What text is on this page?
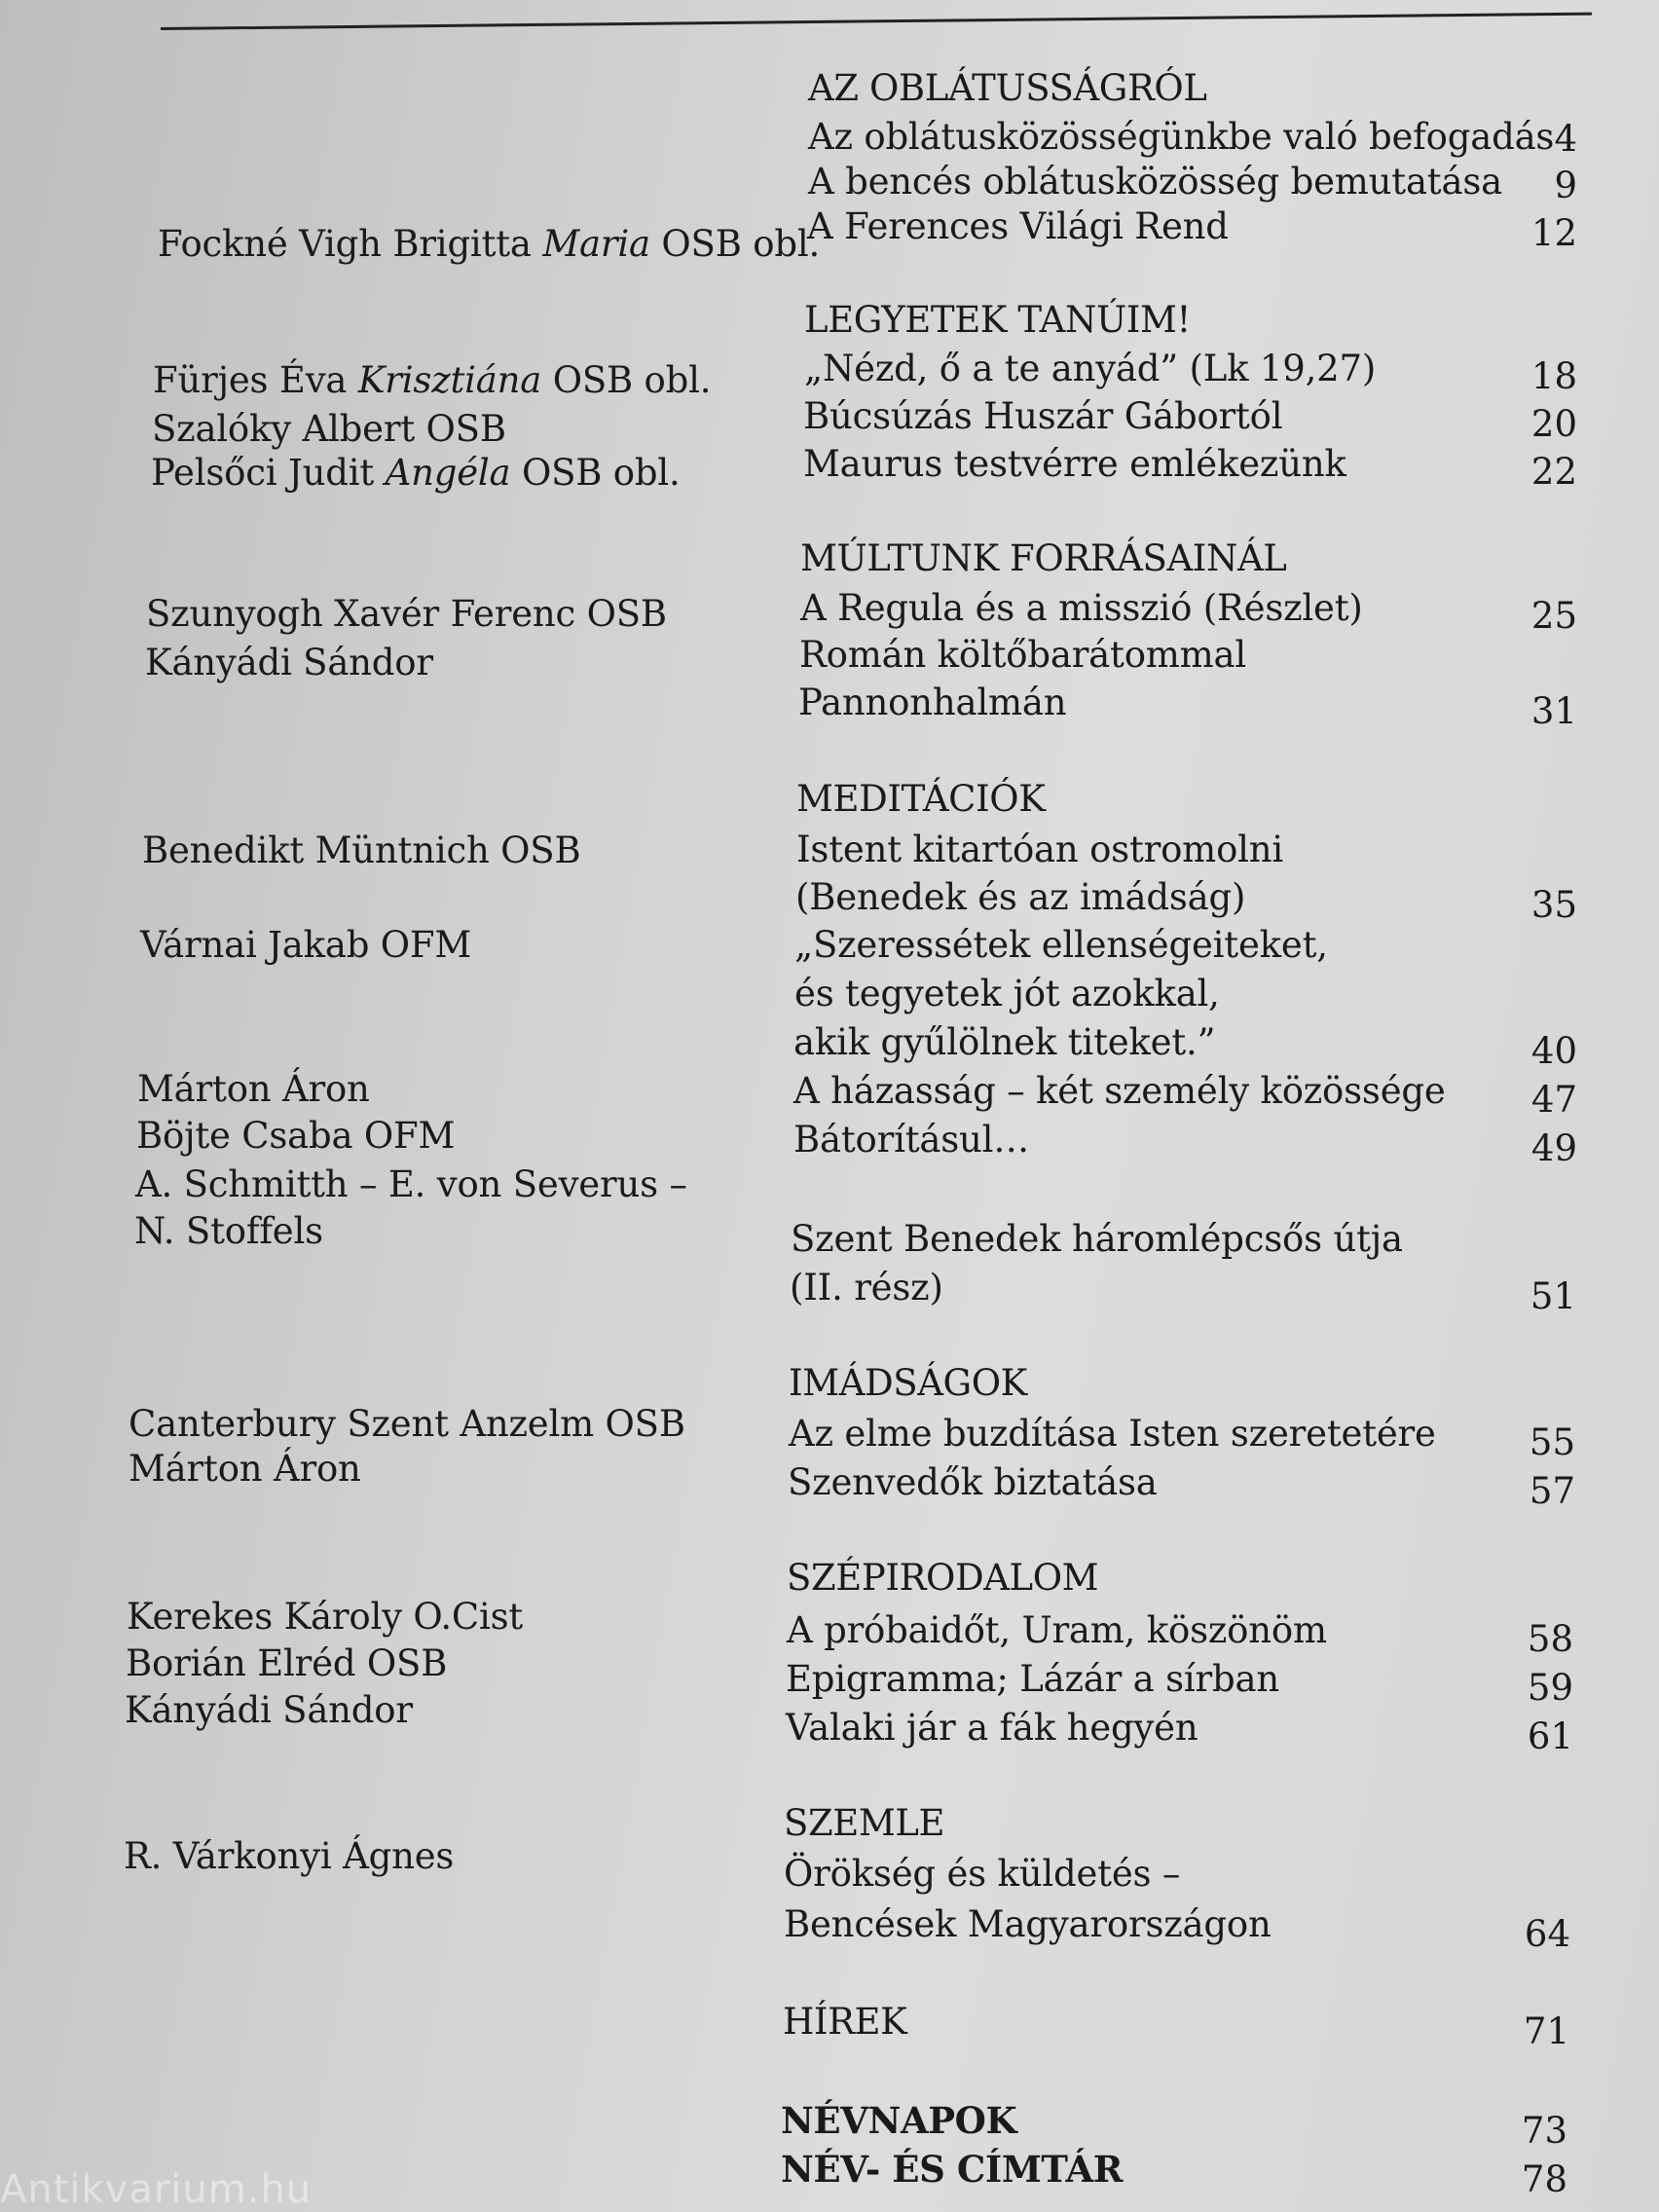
Fockné Vigh Brigitta Maria OSB obl.
Fürjes Éva Krisztiána OSB obl.
Szalóky Albert OSB
Pelsőci Judit Angéla OSB obl.
Szunyogh Xavér Ferenc OSB
Kányádi Sándor
Benedikt Müntnich OSB
Várnai Jakab OFM
Márton Áron
Böjte Csaba OFM
A. Schmitth – E. von Severus –
N. Stoffels
Canterbury Szent Anzelm OSB
Márton Áron
Kerekes Károly O.Cist
Borián Elréd OSB
Kányádi Sándor
R. Várkonyi Ágnes
AZ OBLÁTUSSÁGRÓL
Az oblátusközösségünkbe való befogadás
A bencés oblátusközösség bemutatása
A Ferences Világi Rend
LEGYETEK TANÚIM!
„Nézd, ő a te anyád” (Lk 19,27)
Búcsúzás Huszár Gábortól
Maurus testvérre emlékezünk
MÚLTUNK FORRÁSAINÁL
A Regula és a misszió (Részlet)
Román költőbarátommal
Pannonhalmán
MEDITÁCIÓK
Istent kitartóan ostromolni
(Benedek és az imádság)
„Szeressétek ellenségeiteket,
és tegyetek jót azokkal,
akik gyűlölnek titeket.”
A házasság – két személy közössége
Bátorításul…
Szent Benedek háromlépcsős útja
(II. rész)
IMÁDSÁGOK
Az elme buzdítása Isten szeretetére
Szenvedők biztatása
SZÉPIRODALOM
A próbaidőt, Uram, köszönöm
Epigramma; Lázár a sírban
Valaki jár a fák hegyén
SZEMLE
Örökség és küldetés –
Bencések Magyarországon
HÍREK
NÉVNAPOK
NÉV- ÉS CÍMTÁR
4
9
12
18
20
22
25
31
35
40
47
49
51
55
57
58
59
61
64
71
73
78
Antikvarium.hu
